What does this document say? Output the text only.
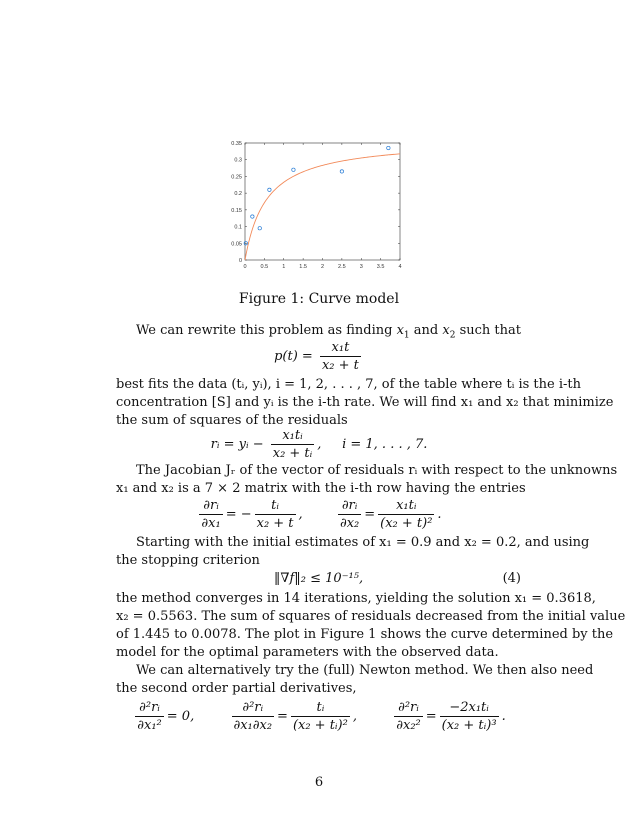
0	0.5	1	1.5	2	2.5	3	3.5	4
0
0.05
0.1
0.15
0.2
0.25
0.3
0.35
Figure 1: Curve model
We can rewrite this problem as finding $x_1$ and $x_2$ such that
$p(t) = \frac{\text{x₁t}}{\text{x₂ + t}}$
best fits the data (tᵢ, yᵢ), i = 1, 2, . . . , 7, of the table where tᵢ is the i-th
concentration [S] and yᵢ is the i-th rate. We will find x₁ and x₂ that minimize
the sum of squares of the residuals
rᵢ = yᵢ − $\frac{\text{x₁tᵢ}}{\text{x₂ + tᵢ}}$ ,     i = 1, . . . , 7.
The Jacobian Jᵣ of the vector of residuals rᵢ with respect to the unknowns
x₁ and x₂ is a 7 × 2 matrix with the i-th row having the entries
$\frac{\text{∂rᵢ}}{\text{∂x₁}}$ = − $\frac{\text{tᵢ}}{\text{x₂ + t}}$ ,	$\frac{\text{∂rᵢ}}{\text{∂x₂}} = \frac{\text{x₁tᵢ}}{\text{(x₂ + t)²}}$ .
Starting with the initial estimates of x₁ = 0.9 and x₂ = 0.2, and using
the stopping criterion
‖∇f‖₂ ≤ 10⁻¹⁵,	(4)
the method converges in 14 iterations, yielding the solution x₁ = 0.3618,
x₂ = 0.5563. The sum of squares of residuals decreased from the initial value
of 1.445 to 0.0078. The plot in Figure 1 shows the curve determined by the
model for the optimal parameters with the observed data.
We can alternatively try the (full) Newton method. We then also need
the second order partial derivatives,
$\frac{\text{∂²rᵢ}}{\text{∂x₁²}} = 0$,	$\frac{\text{∂²rᵢ}}{\text{∂x₁∂x₂}} = \frac{\text{tᵢ}}{\text{(x₂ + tᵢ)²}}$ ,	$\frac{\text{∂²rᵢ}}{\text{∂x₂²}} = \frac{\text{−2x₁tᵢ}}{\text{(x₂ + tᵢ)³}}$ .
6
